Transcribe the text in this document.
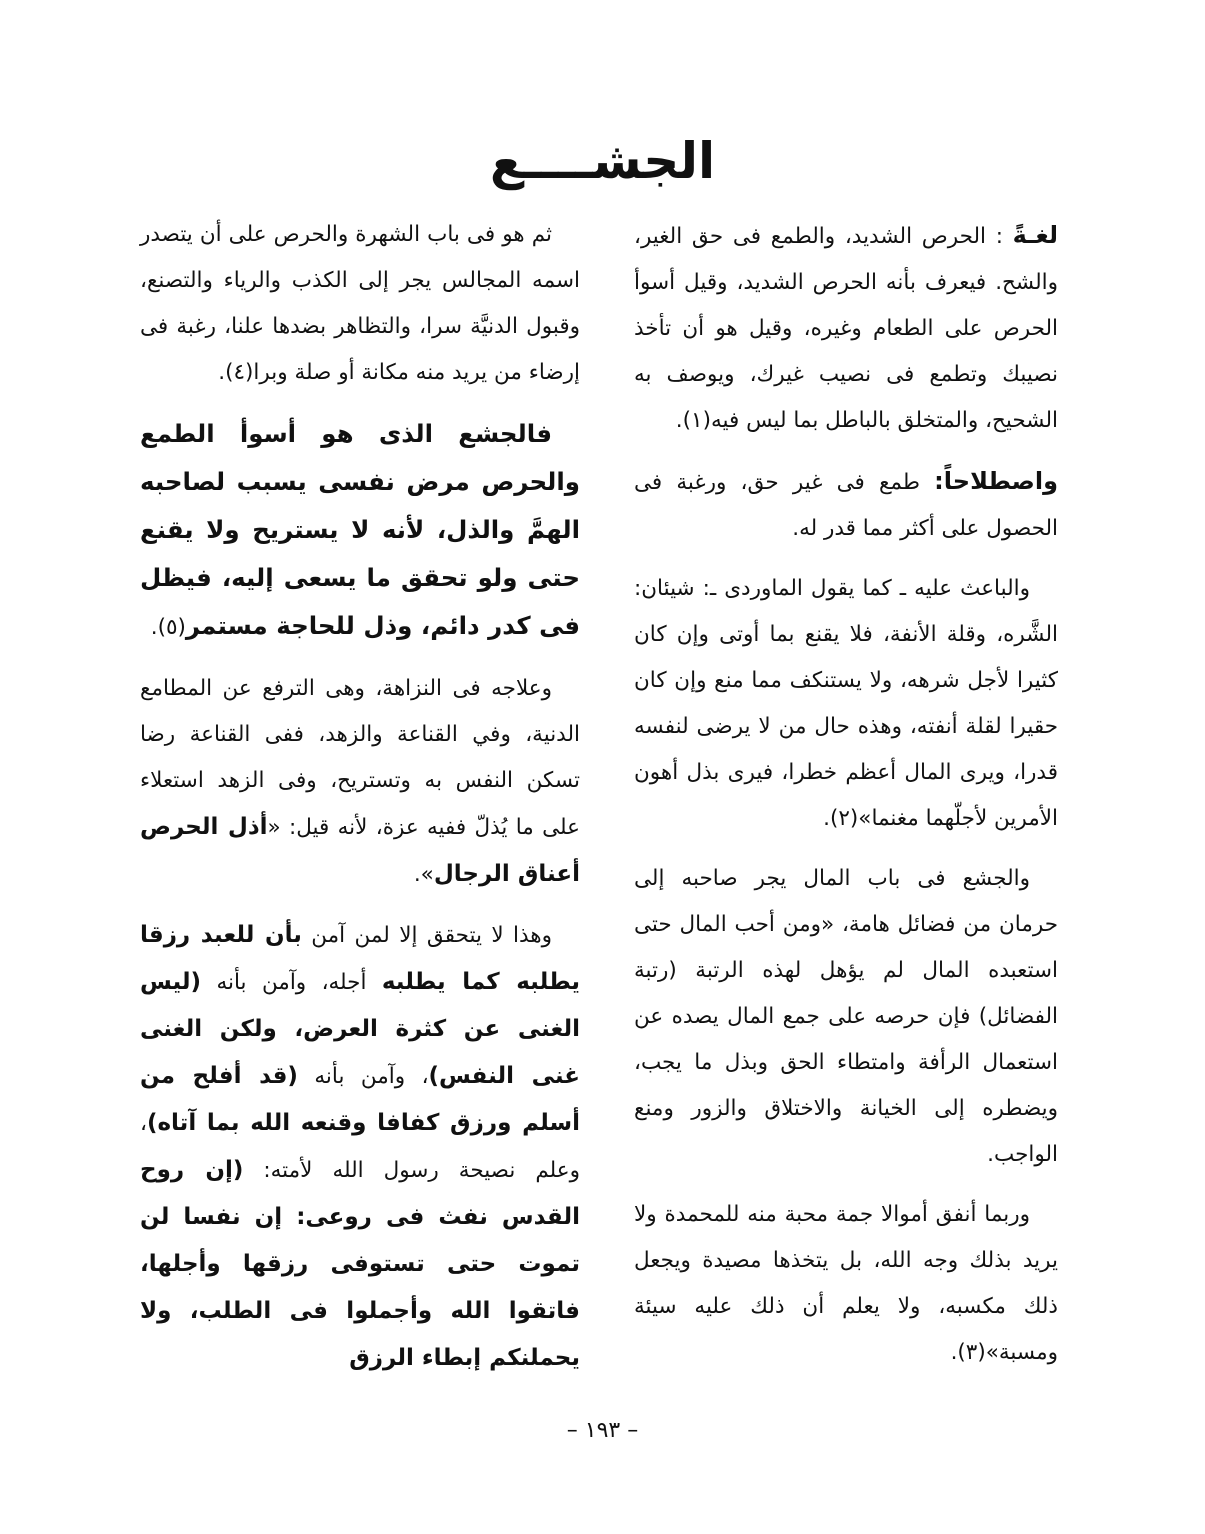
الجشــــع

لغـةً : الحرص الشديد، والطمع فى حق الغير، والشح. فيعرف بأنه الحرص الشديد، وقيل أسوأ الحرص على الطعام وغيره، وقيل هو أن تأخذ نصيبك وتطمع فى نصيب غيرك، ويوصف به الشحيح، والمتخلق بالباطل بما ليس فيه(١).

واصطلاحاً: طمع فى غير حق، ورغبة فى الحصول على أكثر مما قدر له.

والباعث عليه ـ كما يقول الماوردى ـ: شيئان: الشَّره، وقلة الأنفة، فلا يقنع بما أوتى وإن كان كثيرا لأجل شرهه، ولا يستنكف مما منع وإن كان حقيرا لقلة أنفته، وهذه حال من لا يرضى لنفسه قدرا، ويرى المال أعظم خطرا، فيرى بذل أهون الأمرين لأجلّهما مغنما»(٢).

والجشع فى باب المال يجر صاحبه إلى حرمان من فضائل هامة، «ومن أحب المال حتى استعبده المال لم يؤهل لهذه الرتبة (رتبة الفضائل) فإن حرصه على جمع المال يصده عن استعمال الرأفة وامتطاء الحق وبذل ما يجب، ويضطره إلى الخيانة والاختلاق والزور ومنع الواجب.

وربما أنفق أموالا جمة محبة منه للمحمدة ولا يريد بذلك وجه الله، بل يتخذها مصيدة ويجعل ذلك مكسبه، ولا يعلم أن ذلك عليه سيئة ومسبة»(٣).

ثم هو فى باب الشهرة والحرص على أن يتصدر اسمه المجالس يجر إلى الكذب والرياء والتصنع، وقبول الدنيَّة سرا، والتظاهر بضدها علنا، رغبة فى إرضاء من يريد منه مكانة أو صلة وبرا(٤).

فالجشع الذى هو أسوأ الطمع والحرص مرض نفسى يسبب لصاحبه الهمَّ والذل، لأنه لا يستريح ولا يقنع حتى ولو تحقق ما يسعى إليه، فيظل فى كدر دائم، وذل للحاجة مستمر(٥).

وعلاجه فى النزاهة، وهى الترفع عن المطامع الدنية، وفي القناعة والزهد، ففى القناعة رضا تسكن النفس به وتستريح، وفى الزهد استعلاء على ما يُذلّ ففيه عزة، لأنه قيل: «أذل الحرص أعناق الرجال».

وهذا لا يتحقق إلا لمن آمن بأن للعبد رزقا يطلبه كما يطلبه أجله، وآمن بأنه (ليس الغنى عن كثرة العرض، ولكن الغنى غنى النفس)، وآمن بأنه (قد أفلح من أسلم ورزق كفافا وقنعه الله بما آتاه)، وعلم نصيحة رسول الله لأمته: (إن روح القدس نفث فى روعى: إن نفسا لن تموت حتى تستوفى رزقها وأجلها، فاتقوا الله وأجملوا فى الطلب، ولا يحملنكم إبطاء الرزق

– ١٩٣ –
